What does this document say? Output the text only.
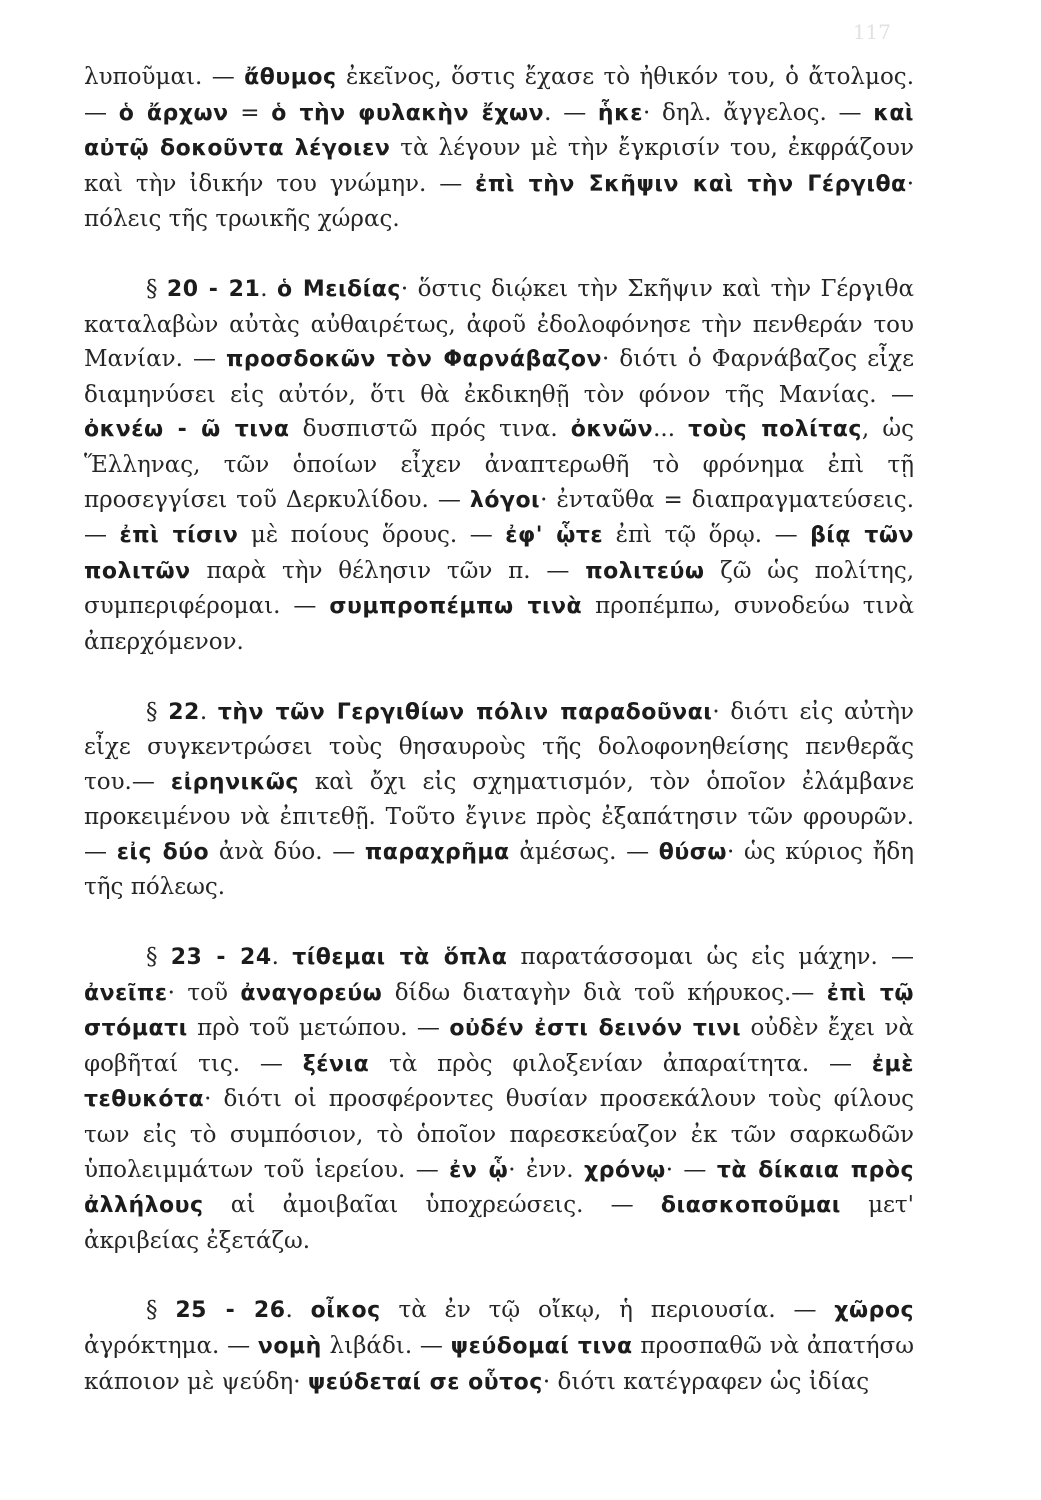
117

λυποῦμαι. — ἄθυμος ἐκεῖνος, ὅστις ἔχασε τὸ ἠθικόν του, ὁ ἄτολμος. — ὁ ἄρχων = ὁ τὴν φυλακὴν ἔχων. — ἧκε· δηλ. ἄγγελος. — καὶ αὐτῷ δοκοῦντα λέγοιεν τὰ λέγουν μὲ τὴν ἔγκρισίν του, ἐκφράζουν καὶ τὴν ἰδικήν του γνώμην. — ἐπὶ τὴν Σκῆψιν καὶ τὴν Γέργιθα· πόλεις τῆς τρωικῆς χώρας.

§ 20 - 21. ὁ Μειδίας· ὅστις διῴκει τὴν Σκῆψιν καὶ τὴν Γέργιθα καταλαβὼν αὐτὰς αὐθαιρέτως, ἀφοῦ ἐδολοφόνησε τὴν πενθεράν του Μανίαν. — προσδοκῶν τὸν Φαρνάβαζον· διότι ὁ Φαρνάβαζος εἶχε διαμηνύσει εἰς αὐτόν, ὅτι θὰ ἐκδικηθῇ τὸν φόνον τῆς Μανίας. — ὀκνέω - ῶ τινα δυσπιστῶ πρός τινα. ὀκνῶν... τοὺς πολίτας, ὡς Ἕλληνας, τῶν ὁποίων εἶχεν ἀναπτερωθῆ τὸ φρόνημα ἐπὶ τῇ προσεγγίσει τοῦ Δερκυλίδου. — λόγοι· ἐνταῦθα = διαπραγματεύσεις. — ἐπὶ τίσιν μὲ ποίους ὅρους. — ἐφ' ᾧτε ἐπὶ τῷ ὅρῳ. — βίᾳ τῶν πολιτῶν παρὰ τὴν θέλησιν τῶν π. — πολιτεύω ζῶ ὡς πολίτης, συμπεριφέρομαι. — συμπροπέμπω τινὰ προπέμπω, συνοδεύω τινὰ ἀπερχόμενον.

§ 22. τὴν τῶν Γεργιθίων πόλιν παραδοῦναι· διότι εἰς αὐτὴν εἶχε συγκεντρώσει τοὺς θησαυροὺς τῆς δολοφονηθείσης πενθερᾶς του.— εἰρηνικῶς καὶ ὄχι εἰς σχηματισμόν, τὸν ὁποῖον ἐλάμβανε προκειμένου νὰ ἐπιτεθῇ. Τοῦτο ἔγινε πρὸς ἐξαπάτησιν τῶν φρουρῶν. — εἰς δύο ἀνὰ δύο. — παραχρῆμα ἀμέσως. — θύσω· ὡς κύριος ἤδη τῆς πόλεως.

§ 23 - 24. τίθεμαι τὰ ὅπλα παρατάσσομαι ὡς εἰς μάχην. — ἀνεῖπε· τοῦ ἀναγορεύω δίδω διαταγὴν διὰ τοῦ κήρυκος.— ἐπὶ τῷ στόματι πρὸ τοῦ μετώπου. — οὐδέν ἐστι δεινόν τινι οὐδὲν ἔχει νὰ φοβῆταί τις. — ξένια τὰ πρὸς φιλοξενίαν ἀπαραίτητα. — ἐμὲ τεθυκότα· διότι οἱ προσφέροντες θυσίαν προσεκάλουν τοὺς φίλους των εἰς τὸ συμπόσιον, τὸ ὁποῖον παρεσκεύαζον ἐκ τῶν σαρκωδῶν ὑπολειμμάτων τοῦ ἱερείου. — ἐν ᾧ· ἐνν. χρόνῳ· — τὰ δίκαια πρὸς ἀλλήλους αἱ ἀμοιβαῖαι ὑποχρεώσεις. — διασκοποῦμαι μετ' ἀκριβείας ἐξετάζω.

§ 25 - 26. οἶκος τὰ ἐν τῷ οἴκῳ, ἡ περιουσία. — χῶρος ἀγρόκτημα. — νομὴ λιβάδι. — ψεύδομαί τινα προσπαθῶ νὰ ἀπατήσω κάποιον μὲ ψεύδη· ψεύδεταί σε οὗτος· διότι κατέγραφεν ὡς ἰδίας
